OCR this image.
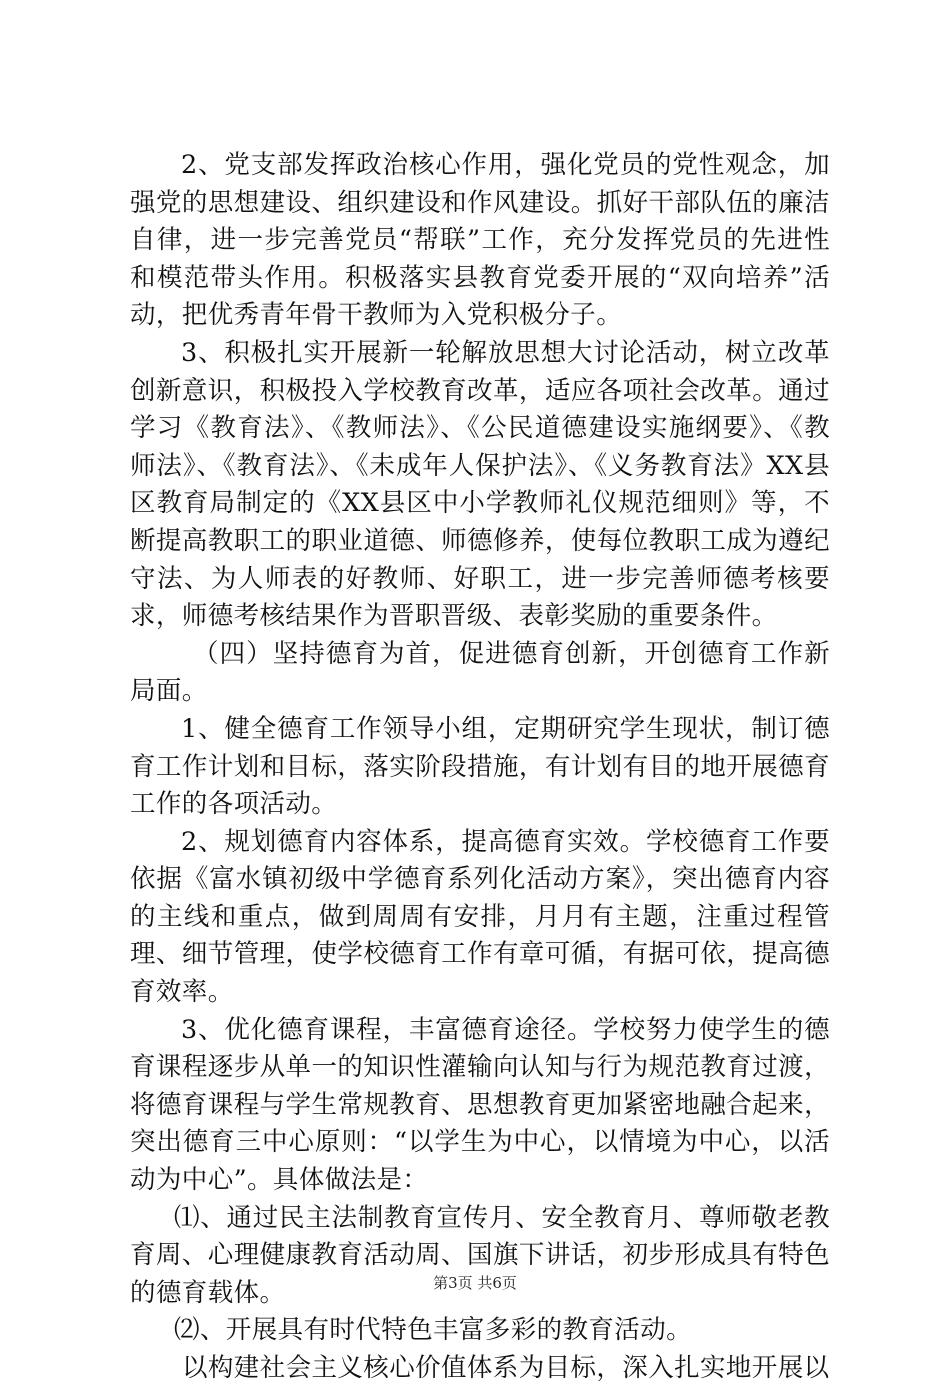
2、党支部发挥政治核心作用，强化党员的党性观念，加强党的思想建设、组织建设和作风建设。抓好干部队伍的廉洁自律，进一步完善党员“帮联”工作，充分发挥党员的先进性和模范带头作用。积极落实县教育党委开展的“双向培养”活动，把优秀青年骨干教师为入党积极分子。

3、积极扎实开展新一轮解放思想大讨论活动，树立改革创新意识，积极投入学校教育改革，适应各项社会改革。通过学习《教育法》、《教师法》、《公民道德建设实施纲要》、《教师法》、《教育法》、《未成年人保护法》、《义务教育法》XX县区教育局制定的《XX县区中小学教师礼仪规范细则》等，不断提高教职工的职业道德、师德修养，使每位教职工成为遵纪守法、为人师表的好教师、好职工，进一步完善师德考核要求，师德考核结果作为晋职晋级、表彰奖励的重要条件。

（四）坚持德育为首，促进德育创新，开创德育工作新局面。

1、健全德育工作领导小组，定期研究学生现状，制订德育工作计划和目标，落实阶段措施，有计划有目的地开展德育工作的各项活动。

2、规划德育内容体系，提高德育实效。学校德育工作要依据《富水镇初级中学德育系列化活动方案》，突出德育内容的主线和重点，做到周周有安排，月月有主题，注重过程管理、细节管理，使学校德育工作有章可循，有据可依，提高德育效率。

3、优化德育课程，丰富德育途径。学校努力使学生的德育课程逐步从单一的知识性灌输向认知与行为规范教育过渡，将德育课程与学生常规教育、思想教育更加紧密地融合起来，突出德育三中心原则：“以学生为中心，以情境为中心，以活动为中心”。具体做法是：

⑴、通过民主法制教育宣传月、安全教育月、尊师敬老教育周、心理健康教育活动周、国旗下讲话，初步形成具有特色的德育载体。

⑵、开展具有时代特色丰富多彩的教育活动。

以构建社会主义核心价值体系为目标，深入扎实地开展以

第3页 共6页
